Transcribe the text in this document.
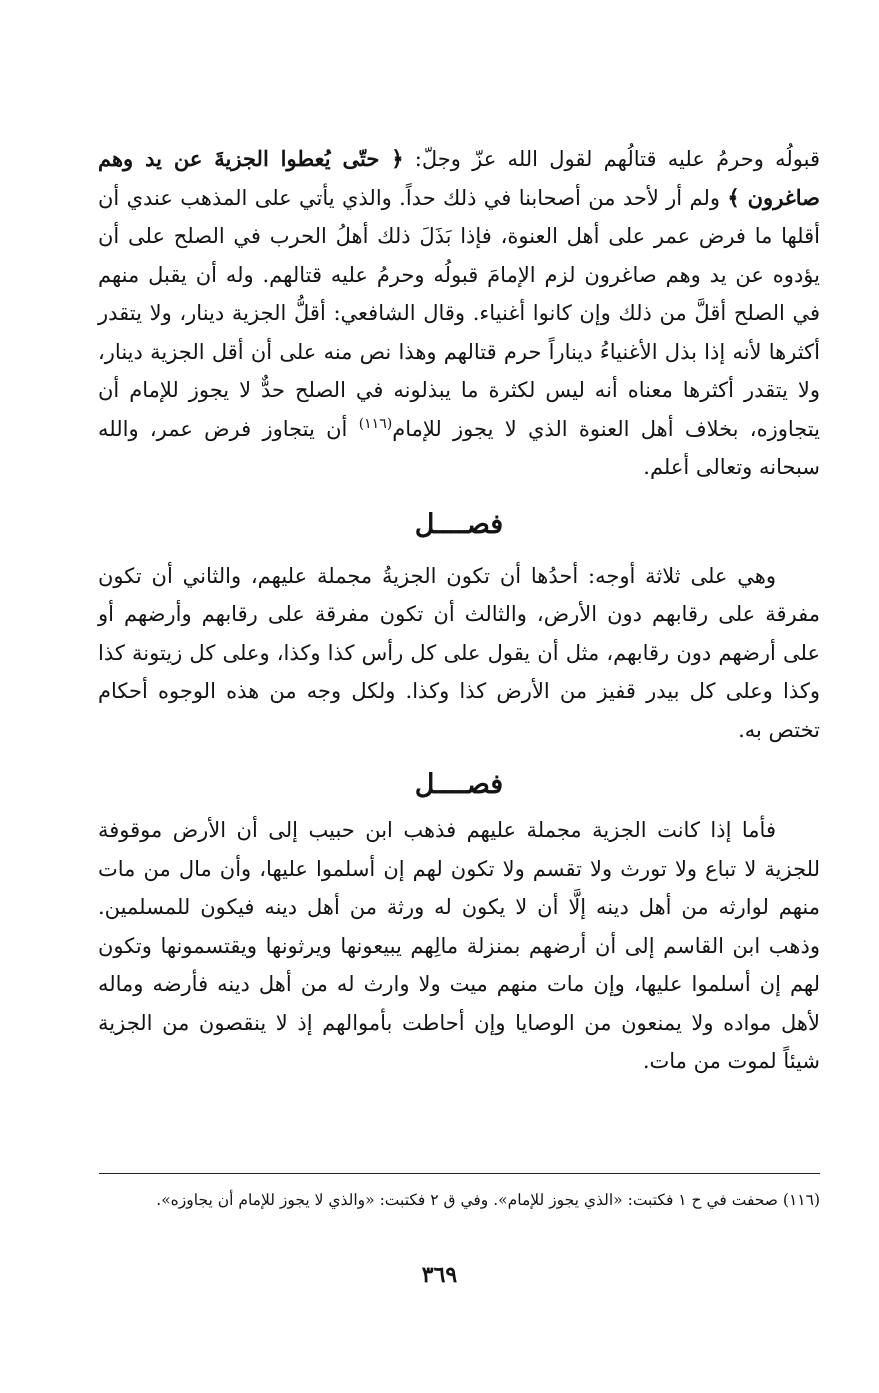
قبولُه وحرمُ عليه قتالُهم لقول الله عزّ وجلّ: ﴿ حتّى يُعطوا الجزيةَ عن يد وهم صاغرون ﴾ ولم أر لأحد من أصحابنا في ذلك حداً. والذي يأتي على المذهب عندي أن أقلها ما فرض عمر على أهل العنوة، فإذا بَذَلَ ذلك أهلُ الحرب في الصلح على أن يؤدوه عن يد وهم صاغرون لزم الإمامَ قبولُه وحرمُ عليه قتالهم. وله أن يقبل منهم في الصلح أقلَّ من ذلك وإن كانوا أغنياء. وقال الشافعي: أقلُّ الجزية دينار، ولا يتقدر أكثرها لأنه إذا بذل الأغنياءُ ديناراً حرم قتالهم وهذا نص منه على أن أقل الجزية دينار، ولا يتقدر أكثرها معناه أنه ليس لكثرة ما يبذلونه في الصلح حدٌّ لا يجوز للإمام أن يتجاوزه، بخلاف أهل العنوة الذي لا يجوز للإمام$^{(١١٦)}$ أن يتجاوز فرض عمر، والله سبحانه وتعالى أعلم.

فصــــل

وهي على ثلاثة أوجه: أحدُها أن تكون الجزيةُ مجملة عليهم، والثاني أن تكون مفرقة على رقابهم دون الأرض، والثالث أن تكون مفرقة على رقابهم وأرضهم أو على أرضهم دون رقابهم، مثل أن يقول على كل رأس كذا وكذا، وعلى كل زيتونة كذا وكذا وعلى كل بيدر قفيز من الأرض كذا وكذا. ولكل وجه من هذه الوجوه أحكام تختص به.

فصــــل

فأما إذا كانت الجزية مجملة عليهم فذهب ابن حبيب إلى أن الأرض موقوفة للجزية لا تباع ولا تورث ولا تقسم ولا تكون لهم إن أسلموا عليها، وأن مال من مات منهم لوارثه من أهل دينه إلَّا أن لا يكون له ورثة من أهل دينه فيكون للمسلمين. وذهب ابن القاسم إلى أن أرضهم بمنزلة مالِهم يبيعونها ويرثونها ويقتسمونها وتكون لهم إن أسلموا عليها، وإن مات منهم ميت ولا وارث له من أهل دينه فأرضه وماله لأهل مواده ولا يمنعون من الوصايا وإن أحاطت بأموالهم إذ لا ينقصون من الجزية شيئاً لموت من مات.

(١١٦) صحفت في ح ١ فكتبت: «الذي يجوز للإمام». وفي ق ٢ فكتبت: «والذي لا يجوز للإمام أن يجاوزه».

٣٦٩
